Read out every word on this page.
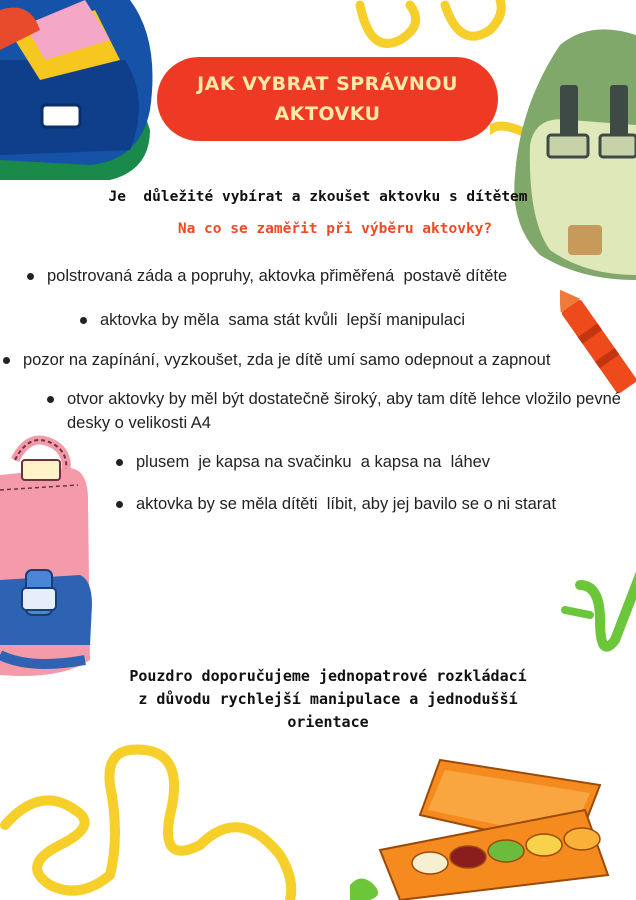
JAK VYBRAT SPRÁVNOU
AKTOVKU
Je  důležité vybírat a zkoušet aktovku s dítětem
Na co se zaměřit při výběru aktovky?
polstrovaná záda a popruhy, aktovka přiměřená  postavě dítěte
aktovka by měla  sama stát kvůli  lepší manipulaci
pozor na zapínání, vyzkoušet, zda je dítě umí samo odepnout a zapnout
otvor aktovky by měl být dostatečně široký, aby tam dítě lehce vložilo pevné desky o velikosti A4
plusem  je kapsa na svačinku  a kapsa na  láhev
aktovka by se měla dítěti  líbit, aby jej bavilo se o ni starat
Pouzdro doporučujeme jednopatrové rozkládací
z důvodu rychlejší manipulace a jednodušší
orientace
